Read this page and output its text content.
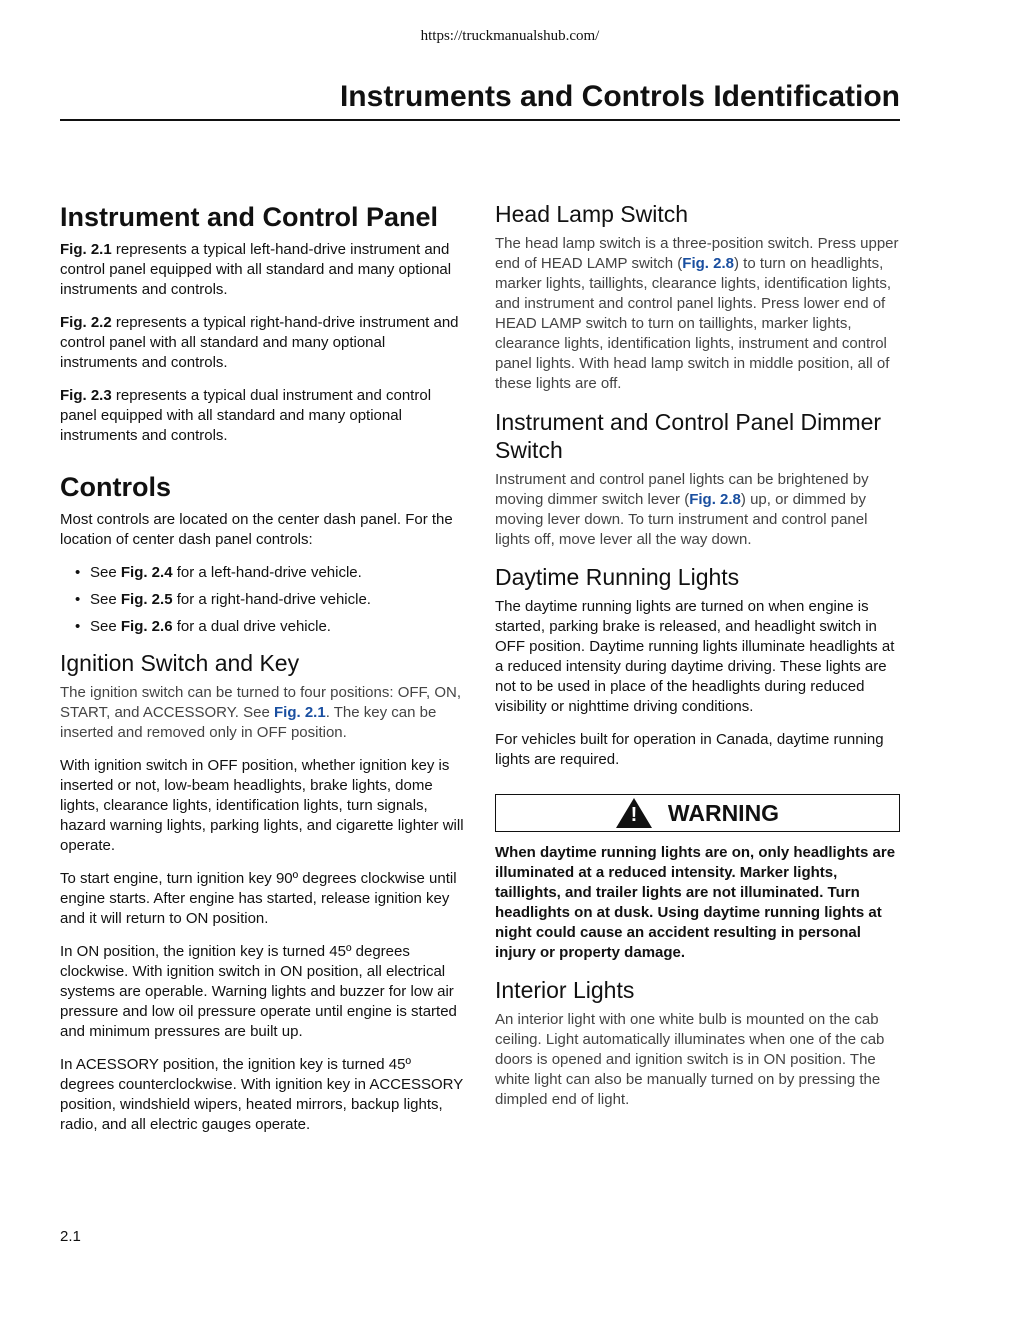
https://truckmanualshub.com/
Instruments and Controls Identification
Instrument and Control Panel

Fig. 2.1 represents a typical left-hand-drive instrument and control panel equipped with all standard and many optional instruments and controls.

Fig. 2.2 represents a typical right-hand-drive instrument and control panel with all standard and many optional instruments and controls.

Fig. 2.3 represents a typical dual instrument and control panel equipped with all standard and many optional instruments and controls.

Controls

Most controls are located on the center dash panel. For the location of center dash panel controls:

• See Fig. 2.4 for a left-hand-drive vehicle.
• See Fig. 2.5 for a right-hand-drive vehicle.
• See Fig. 2.6 for a dual drive vehicle.
Ignition Switch and Key

The ignition switch can be turned to four positions: OFF, ON, START, and ACCESSORY. See Fig. 2.1. The key can be inserted and removed only in OFF position.

With ignition switch in OFF position, whether ignition key is inserted or not, low-beam headlights, brake lights, dome lights, clearance lights, identification lights, turn signals, hazard warning lights, parking lights, and cigarette lighter will operate.

To start engine, turn ignition key 90º degrees clockwise until engine starts. After engine has started, release ignition key and it will return to ON position.

In ON position, the ignition key is turned 45º degrees clockwise. With ignition switch in ON position, all electrical systems are operable. Warning lights and buzzer for low air pressure and low oil pressure operate until engine is started and minimum pressures are built up.

In ACESSORY position, the ignition key is turned 45º degrees counterclockwise. With ignition key in ACCESSORY position, windshield wipers, heated mirrors, backup lights, radio, and all electric gauges operate.

Head Lamp Switch

The head lamp switch is a three-position switch. Press upper end of HEAD LAMP switch (Fig. 2.8) to turn on headlights, marker lights, taillights, clearance lights, identification lights, and instrument and control panel lights. Press lower end of HEAD LAMP switch to turn on taillights, marker lights, clearance lights, identification lights, instrument and control panel lights. With head lamp switch in middle position, all of these lights are off.

Instrument and Control Panel Dimmer Switch

Instrument and control panel lights can be brightened by moving dimmer switch lever (Fig. 2.8) up, or dimmed by moving lever down. To turn instrument and control panel lights off, move lever all the way down.

Daytime Running Lights

The daytime running lights are turned on when engine is started, parking brake is released, and headlight switch in OFF position. Daytime running lights illuminate headlights at a reduced intensity during daytime driving. These lights are not to be used in place of the headlights during reduced visibility or nighttime driving conditions.

For vehicles built for operation in Canada, daytime running lights are required.

! WARNING

When daytime running lights are on, only headlights are illuminated at a reduced intensity. Marker lights, taillights, and trailer lights are not illuminated. Turn headlights on at dusk. Using daytime running lights at night could cause an accident resulting in personal injury or property damage.

Interior Lights

An interior light with one white bulb is mounted on the cab ceiling. Light automatically illuminates when one of the cab doors is opened and ignition switch is in ON position. The white light can also be manually turned on by pressing the dimpled end of light.

2.1
